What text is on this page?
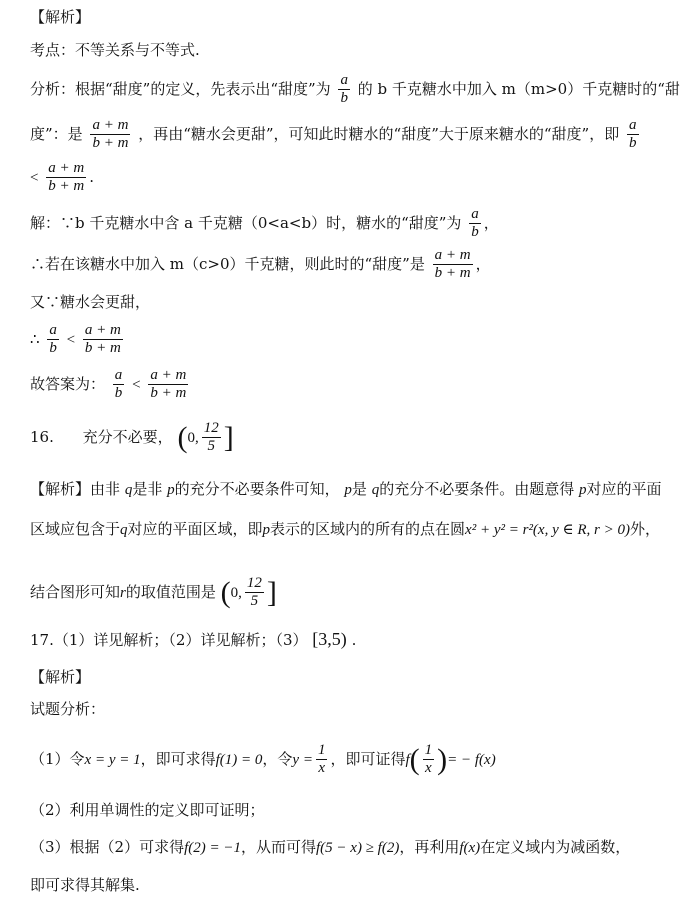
【解析】
考点：不等关系与不等式.
分析：根据“甜度”的定义，先表示出“甜度”为 $\frac{a}{b}$ 的 b 千克糖水中加入 m（m>0）千克糖时的“甜
度”：是 $\frac{a + m}{b + m}$ ，再由“糖水会更甜”，可知此时糖水的“甜度”大于原来糖水的“甜度”，即 $\frac{a}{b}$
< $\frac{a + m}{b + m}$ .
解：∵b 千克糖水中含 a 千克糖（0<a<b）时，糖水的“甜度”为 $\frac{a}{b}$ ，
∴若在该糖水中加入 m（c>0）千克糖，则此时的“甜度”是 $\frac{a + m}{b + m}$ ，
又∵糖水会更甜，
∴ $\frac{a}{b} < \frac{a + m}{b + m}$
故答案为： $\frac{a}{b} < \frac{a + m}{b + m}$
16. 充分不必要， (0, $\frac{12}{5}$ ]
【解析】由非 q是非 p的充分不必要条件可知， p是 q的充分不必要条件。由题意得 p对应的平面
区域应包含于q对应的平面区域，即p表示的区域内的所有的点在圆x² + y² = r²(x, y ∈ R, r > 0)外，
结合图形可知r的取值范围是 (0, $\frac{12}{5}$ ]
17.（1）详见解析；（2）详见解析；（3） [3,5) .
【解析】
试题分析：
（1）令x = y = 1，即可求得f(1) = 0，令$y = \frac{1}{x}$ ，即可证得$f( \frac{1}{x}$ )= − f(x)
（2）利用单调性的定义即可证明；
（3）根据（2）可求得f(2) = −1，从而可得f(5 − x) ≥ f(2)，再利用f(x)在定义域内为减函数，
即可求得其解集.
